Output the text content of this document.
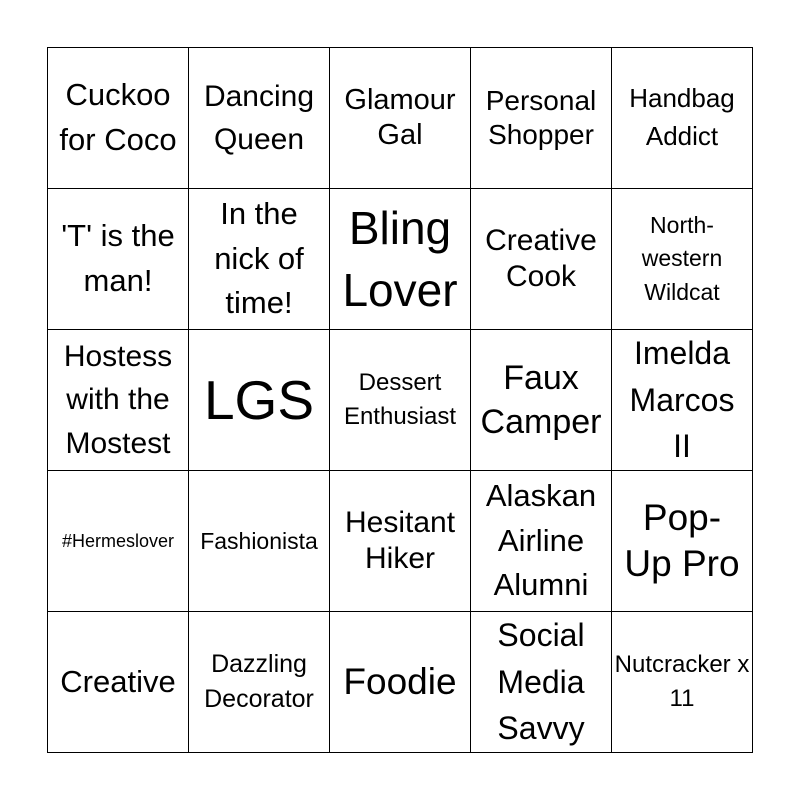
Cuckoo for Coco
Dancing Queen
Glamour Gal
Personal Shopper
Handbag Addict
'T' is the man!
In the nick of time!
Bling Lover
Creative Cook
North-western Wildcat
Hostess with the Mostest
LGS	Dessert Enthusiast
Faux Camper
Imelda Marcos II
#Hermeslover Fashionista
Hesitant Hiker
Alaskan Airline Alumni
Pop-Up Pro
Creative	Dazzling Decorator Foodie
Social Media Savvy
Nutcracker x 11
